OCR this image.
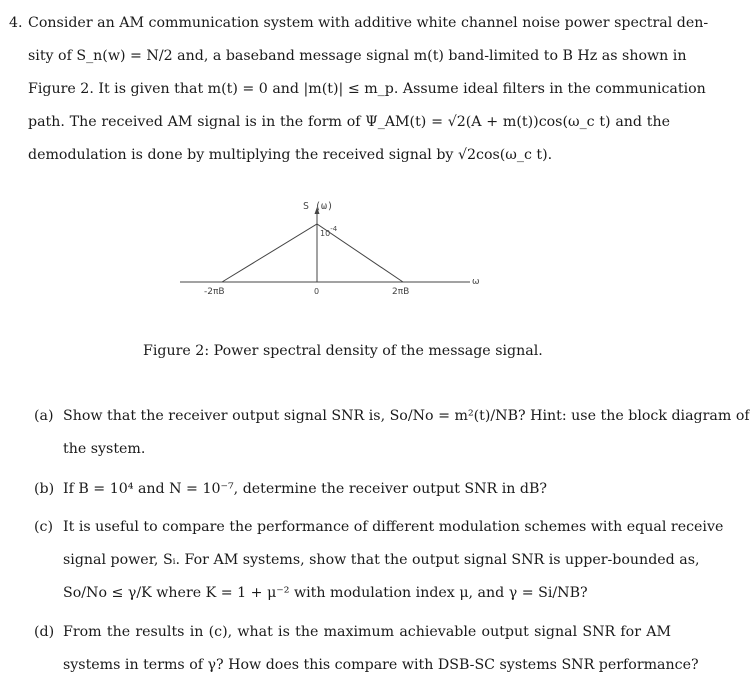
4. Consider an AM communication system with additive white channel noise power spectral den-
sity of S_n(w) = N/2 and, a baseband message signal m(t) band-limited to B Hz as shown in
Figure 2. It is given that m(t) = 0 and |m(t)| ≤ m_p. Assume ideal filters in the communication
path. The received AM signal is in the form of Ψ_AM(t) = √2(A + m(t))cos(ω_c t) and the
demodulation is done by multiplying the received signal by √2cos(ω_c t).
S (ω)
10-4
-2πB	0	2πB
ω
Figure 2: Power spectral density of the message signal.
(a) Show that the receiver output signal SNR is, So/No = m²(t)/NB? Hint: use the block diagram of
the system.
(b) If B = 10⁴ and N = 10⁻⁷, determine the receiver output SNR in dB?
(c) It is useful to compare the performance of different modulation schemes with equal receive
signal power, Sᵢ. For AM systems, show that the output signal SNR is upper-bounded as,
So/No ≤ γ/K where K = 1 + μ⁻² with modulation index μ, and γ = Si/NB?
(d) From the results in (c), what is the maximum achievable output signal SNR for AM
systems in terms of γ? How does this compare with DSB-SC systems SNR performance?
